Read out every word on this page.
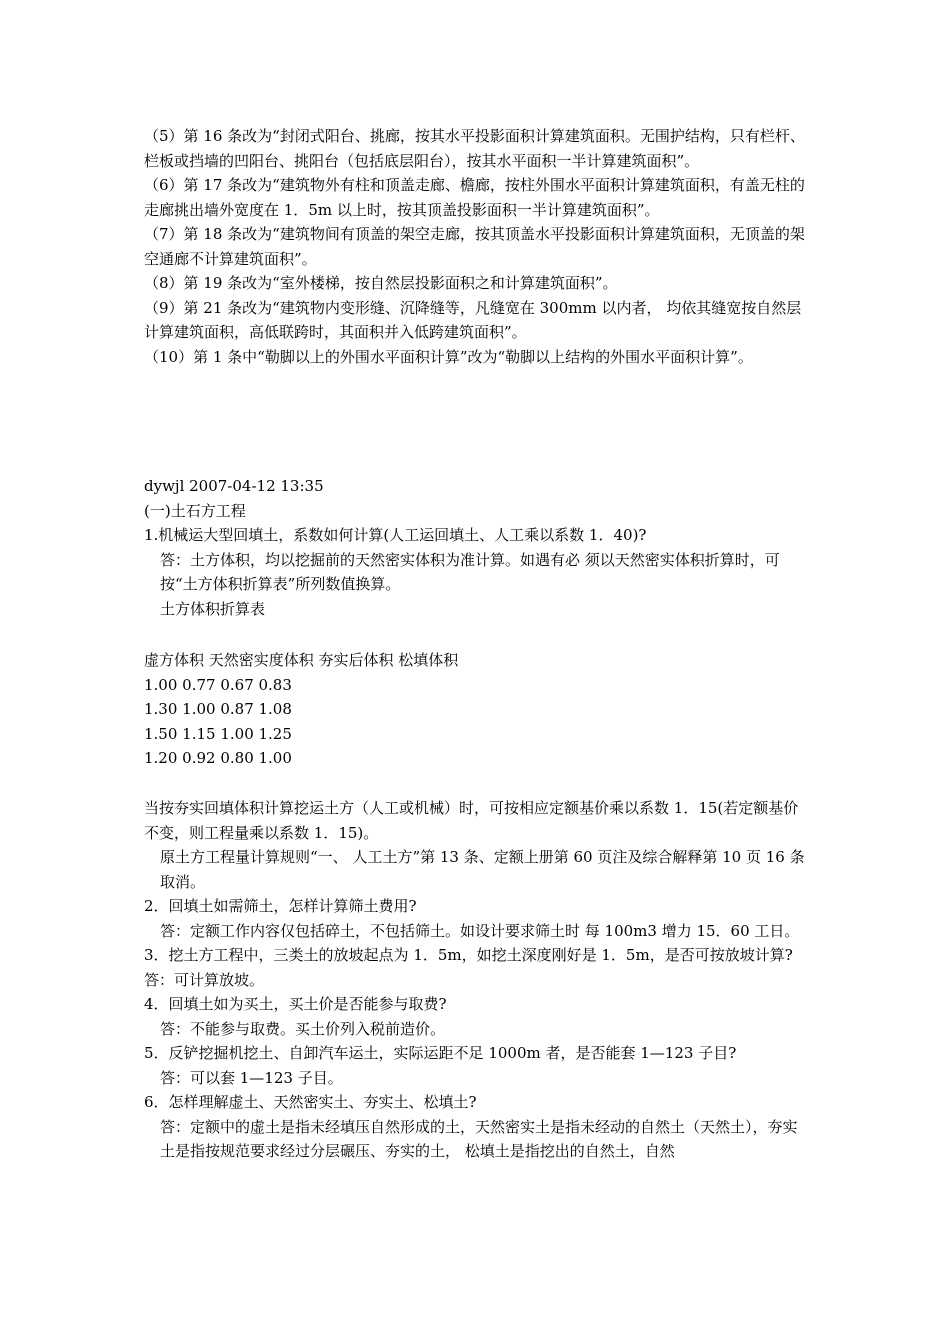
（5）第 16 条改为“封闭式阳台、挑廊，按其水平投影面积计算建筑面积。无围护结构，只有栏杆、栏板或挡墙的凹阳台、挑阳台（包括底层阳台），按其水平面积一半计算建筑面积”。

（6）第 17 条改为“建筑物外有柱和顶盖走廊、檐廊，按柱外围水平面积计算建筑面积，有盖无柱的走廊挑出墙外宽度在 1．5m 以上时，按其顶盖投影面积一半计算建筑面积”。

（7）第 18 条改为“建筑物间有顶盖的架空走廊，按其顶盖水平投影面积计算建筑面积，无顶盖的架空通廊不计算建筑面积”。

（8）第 19 条改为“室外楼梯，按自然层投影面积之和计算建筑面积”。

（9）第 21 条改为“建筑物内变形缝、沉降缝等，凡缝宽在 300mm 以内者， 均依其缝宽按自然层计算建筑面积，高低联跨时，其面积并入低跨建筑面积”。

（10）第 1 条中“勒脚以上的外围水平面积计算”改为“勒脚以上结构的外围水平面积计算”。

dywjl 2007-04-12 13:35

(一)土石方工程

1.机械运大型回填土，系数如何计算(人工运回填土、人工乘以系数 1．40)?

答：土方体积，均以挖掘前的天然密实体积为准计算。如遇有必 须以天然密实体积折算时，可按“土方体积折算表”所列数值换算。

土方体积折算表

虚方体积 天然密实度体积 夯实后体积 松填体积

1.00 0.77 0.67 0.83

1.30 1.00 0.87 1.08

1.50 1.15 1.00 1.25

1.20 0.92 0.80 1.00

当按夯实回填体积计算挖运土方（人工或机械）时，可按相应定额基价乘以系数 1．15(若定额基价不变，则工程量乘以系数 1．15)。

原土方工程量计算规则“一、 人工土方”第 13 条、定额上册第 60 页注及综合解释第 10 页 16 条取消。

2．回填土如需筛土，怎样计算筛土费用?

答：定额工作内容仅包括碎土，不包括筛土。如设计要求筛土时 每 100m3 增力 15．60 工日。

3．挖土方工程中，三类土的放坡起点为 1．5m，如挖土深度刚好是 1．5m，是否可按放坡计算?

答：可计算放坡。

4．回填土如为买土，买土价是否能参与取费?

答：不能参与取费。买土价列入税前造价。

5．反铲挖掘机挖土、自卸汽车运土，实际运距不足 1000m 者，是否能套 1—123 子目?

答：可以套 1—123 子目。

6．怎样理解虚土、天然密实土、夯实土、松填土?

答：定额中的虚土是指未经填压自然形成的土，天然密实土是指未经动的自然土（天然土），夯实土是指按规范要求经过分层碾压、夯实的土， 松填土是指挖出的自然土，自然
